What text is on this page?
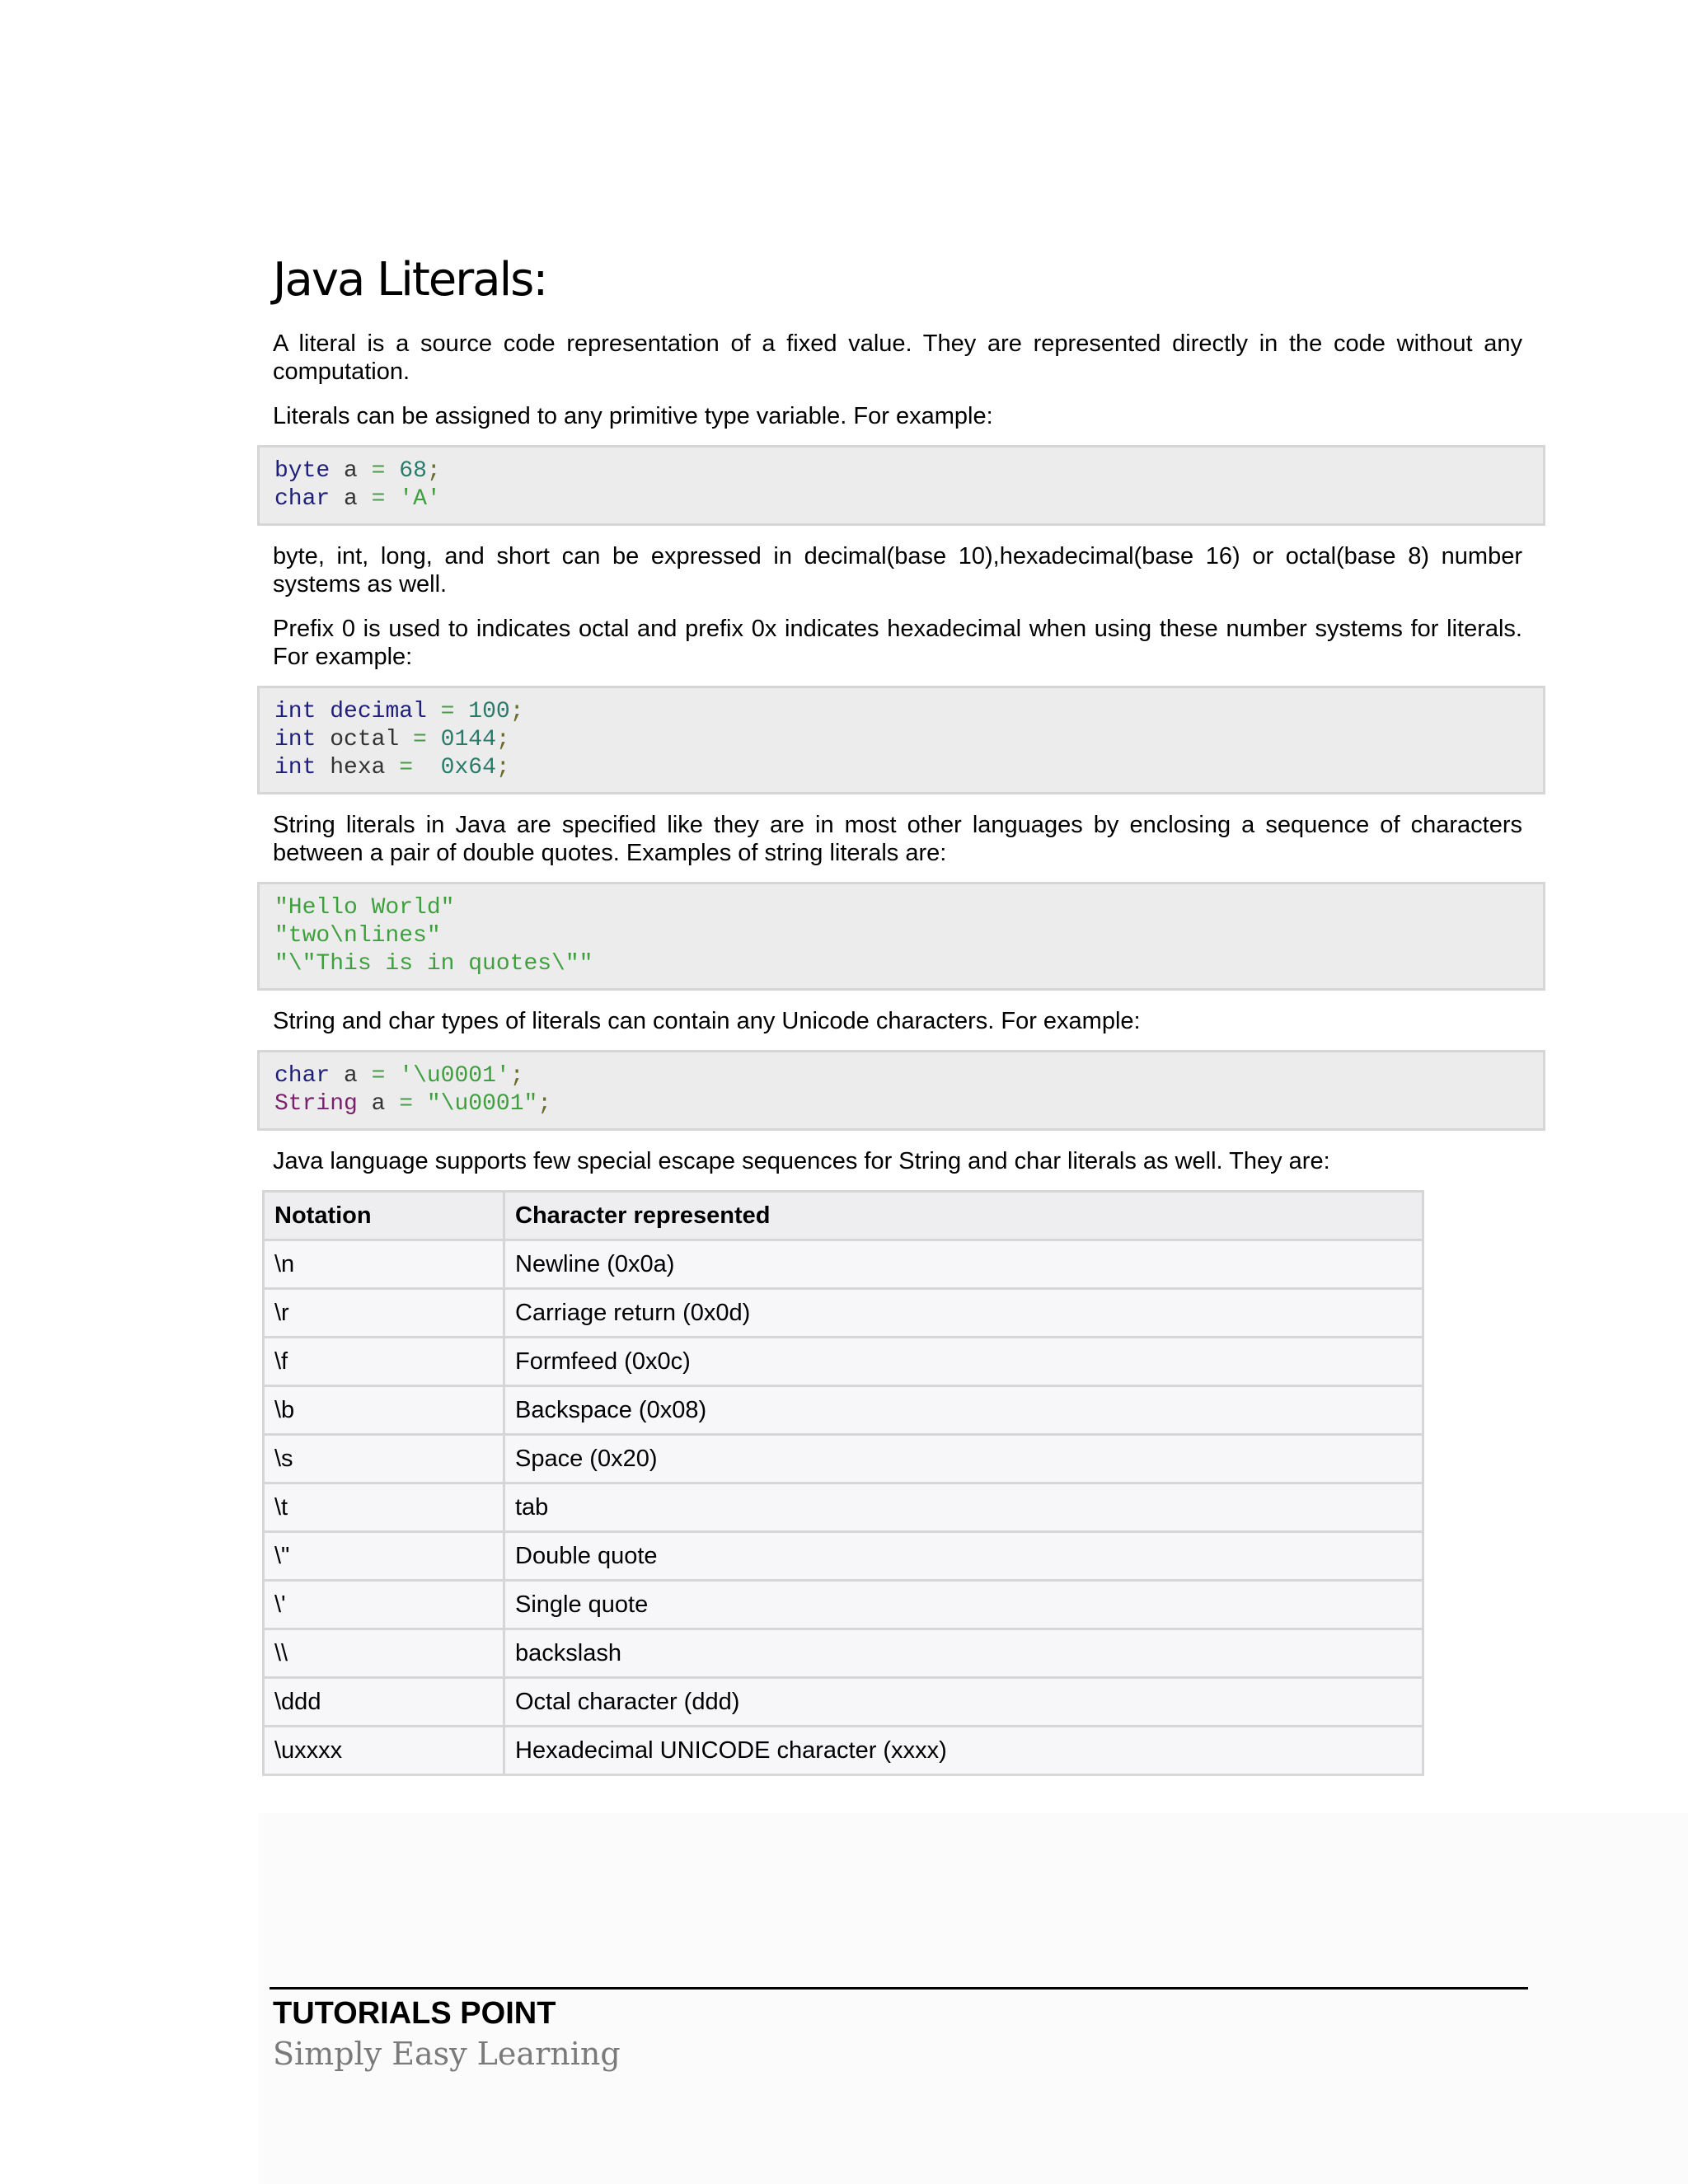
Java Literals:

A literal is a source code representation of a fixed value. They are represented directly in the code without any computation.

Literals can be assigned to any primitive type variable. For example:

byte a = 68;
char a = 'A'

byte, int, long, and short can be expressed in decimal(base 10),hexadecimal(base 16) or octal(base 8) number systems as well.

Prefix 0 is used to indicates octal and prefix 0x indicates hexadecimal when using these number systems for literals. For example:

int decimal = 100;
int octal = 0144;
int hexa = 0x64;

String literals in Java are specified like they are in most other languages by enclosing a sequence of characters between a pair of double quotes. Examples of string literals are:

"Hello World"
"two\nlines"
"\"This is in quotes\""

String and char types of literals can contain any Unicode characters. For example:

char a = '\u0001';
String a = "\u0001";

Java language supports few special escape sequences for String and char literals as well. They are:

Notation	Character represented
\n	Newline (0x0a)
\r	Carriage return (0x0d)
\f	Formfeed (0x0c)
\b	Backspace (0x08)
\s	Space (0x20)
\t	tab
\"	Double quote
\'	Single quote
\\	backslash
\ddd	Octal character (ddd)
\uxxxx	Hexadecimal UNICODE character (xxxx)
TUTORIALS POINT
Simply Easy Learning
